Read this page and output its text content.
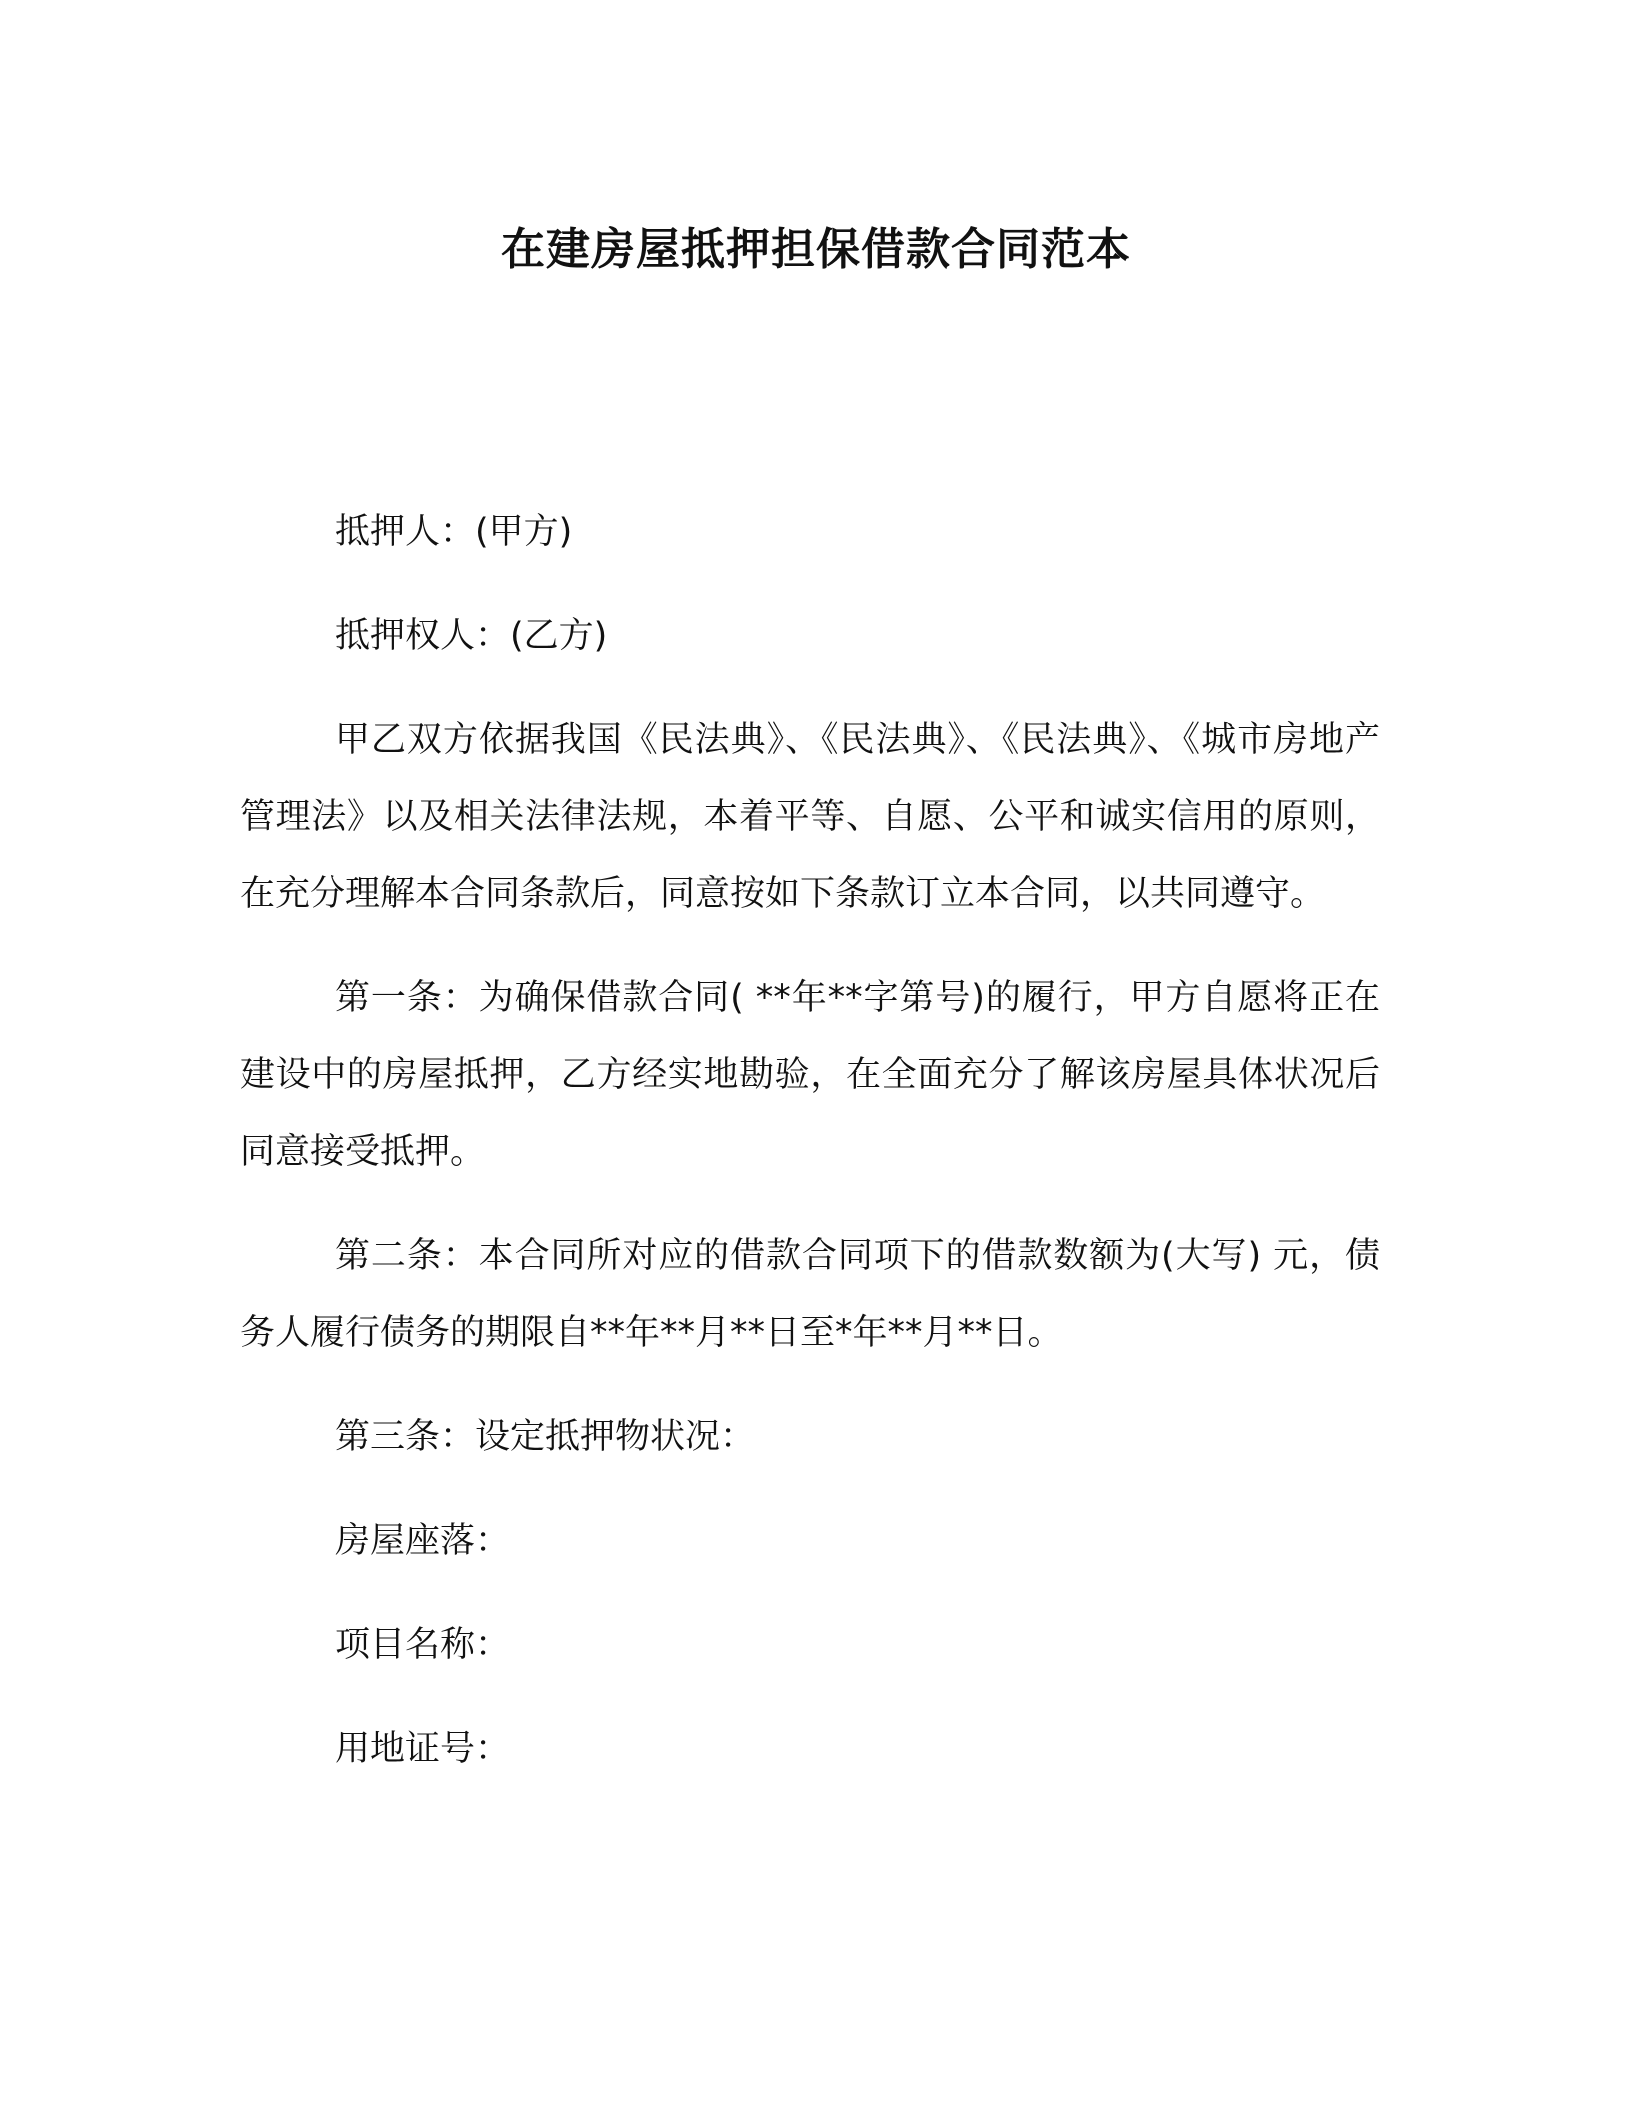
在建房屋抵押担保借款合同范本

抵押人：(甲方)

抵押权人：(乙方)

甲乙双方依据我国《民法典》、《民法典》、《民法典》、《城市房地产管理法》以及相关法律法规，本着平等、自愿、公平和诚实信用的原则，在充分理解本合同条款后，同意按如下条款订立本合同，以共同遵守。

第一条：为确保借款合同( **年**字第号)的履行，甲方自愿将正在建设中的房屋抵押，乙方经实地勘验，在全面充分了解该房屋具体状况后同意接受抵押。

第二条：本合同所对应的借款合同项下的借款数额为(大写) 元，债务人履行债务的期限自**年**月**日至*年**月**日。

第三条：设定抵押物状况：

房屋座落：

项目名称：

用地证号：
